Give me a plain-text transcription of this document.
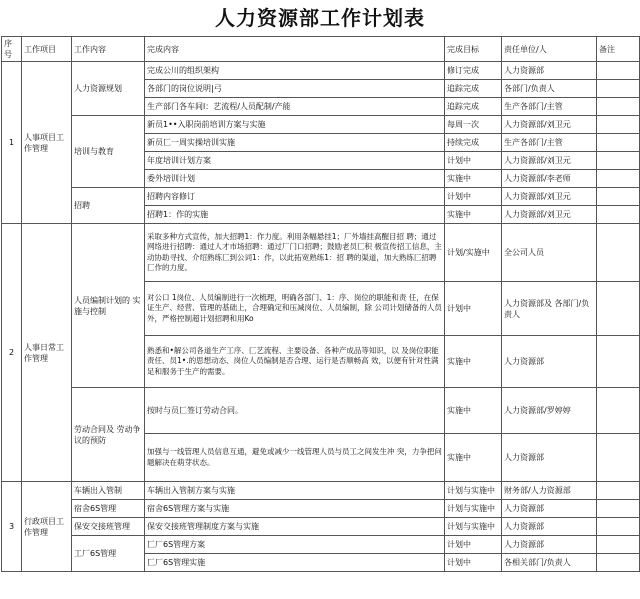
人力资源部工作计划表
序号	工作项目	工作内容	完成内容	完成目标	责任单位/人	备注
1	人事项目工作管理	人力资源规划	完成公川的组织架构	修订完成	人力资源部	
			各部门的岗位说明|弓	追踪完成	各部门/负责人	
			生产部门各车间l：艺流程/人员配制/产能	追踪完成	生产各部门/主管	
		培训与教育	新员1••入职岗前培训方案与实施	每周一次	人力资源部/刘卫元	
			新员匚一周实操培训实施	持续完成	生产各部门/主管	
			年度培训计划方案	计划中	人力资源部/刘卫元	
			委外培训计划	实施中	人力资源部/李老师	
		招聘	招聘内容修订	计划中	人力资源部/刘卫元	
			招聘1：作的实施	实施中	人力资源部/刘卫元	
2	人事日常工作管理	人员编制计划的 实施与控制	采取多种方式宣传，加大招聘1：作力度。利用条幅悬挂1；厂外墙挂高醒目招 聘；通过网络进行招聘：通过人才市场招聘：通过厂门口招聘；鼓励老员匚积 极宣传招工信息，主动协助寻找、介绍熟练匚到公词1：作，以此拓宽熟练1：招 聘的渠道，加大熟练匚招聘匚作的力度。	计划/实施中	全公司人员	
			对公口 1岗位、人员编制进行一次梳理，明确各部门、1：序、岗位的职能和责 任，在保证生产、经营、管理的基础上，合理确定和压减岗位、人员编制，除 公司计划储备的人员外，严格控制超计划招聘和用Ko	计划中	人力资源部及 各部门/负责人	
			熟悉和•解公司各道生产工序、匚艺流程、主要设备、各种产成品等知识，以 及岗位职能责任、员1•.的思想动态、岗位人员编制是否合理、运行是否顺畅高 效，以便有针对性满足和服务于生产的需要。	实施中	人力资源部	
		劳动合同及 劳动争议的预防	按时与员匚签订劳动合同。	实施中	人力资源部/罗婷婷	
			加强与一线管理人员信息互通，避免或减少一线管理人员与员工之间发生冲 突，力争把问题解决在萌芽状态。	实施中	人力资源部	
3	行政项目工作管理	车辆出入管制	车辆出入管制方案与实施	计划与实施中	财务部/人力资源部	
		宿舍6S管理	宿舍6S管理方案与实施	计划与实施中	人力资源部	
		保安交接班管理	保安交接班管理制度方案与实施	计划与实施中	人力资源部	
		工厂6S管理	匚厂6S管理方案	计划中	人力资源部	
			匚厂6S管理实施	计划中	各相关部门/负责人	
